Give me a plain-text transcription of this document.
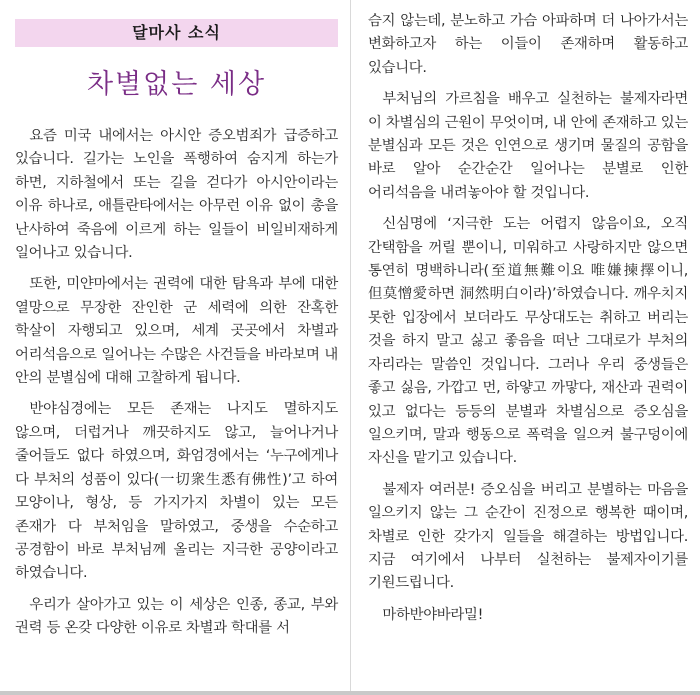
달마사 소식
차별없는 세상

요즘 미국 내에서는 아시안 증오범죄가 급증하고 있습니다. 길가는 노인을 폭행하여 숨지게 하는가 하면, 지하철에서 또는 길을 걷다가 아시안이라는 이유 하나로, 애틀란타에서는 아무런 이유 없이 총을 난사하여 죽음에 이르게 하는 일들이 비일비재하게 일어나고 있습니다.

또한, 미얀마에서는 권력에 대한 탐욕과 부에 대한 열망으로 무장한 잔인한 군 세력에 의한 잔혹한 학살이 자행되고 있으며, 세계 곳곳에서 차별과 어리석음으로 일어나는 수많은 사건들을 바라보며 내 안의 분별심에 대해 고찰하게 됩니다.

반야심경에는 모든 존재는 나지도 멸하지도 않으며, 더럽거나 깨끗하지도 않고, 늘어나거나 줄어들도 없다 하였으며, 화엄경에서는 ‘누구에게나 다 부처의 성품이 있다(一切衆生悉有佛性)’고 하여 모양이나, 형상, 등 가지가지 차별이 있는 모든 존재가 다 부처임을 말하였고, 중생을 수순하고 공경함이 바로 부처님께 올리는 지극한 공양이라고 하였습니다.

우리가 살아가고 있는 이 세상은 인종, 종교, 부와 권력 등 온갖 다양한 이유로 차별과 학대를 서

슴지 않는데, 분노하고 가슴 아파하며 더 나아가서는 변화하고자 하는 이들이 존재하며 활동하고 있습니다.

부처님의 가르침을 배우고 실천하는 불제자라면 이 차별심의 근원이 무엇이며, 내 안에 존재하고 있는 분별심과 모든 것은 인연으로 생기며 물질의 공함을 바로 알아 순간순간 일어나는 분별로 인한 어리석음을 내려놓아야 할 것입니다.

신심명에 ‘지극한 도는 어렵지 않음이요, 오직 간택함을 꺼릴 뿐이니, 미워하고 사랑하지만 않으면 통연히 명백하니라(至道無難이요 唯嫌揀擇이니, 但莫憎愛하면 洞然明白이라)’하였습니다. 깨우치지 못한 입장에서 보더라도 무상대도는 취하고 버리는 것을 하지 말고 싫고 좋음을 떠난 그대로가 부처의 자리라는 말씀인 것입니다. 그러나 우리 중생들은 좋고 싫음, 가깝고 먼, 하얗고 까맣다, 재산과 권력이 있고 없다는 등등의 분별과 차별심으로 증오심을 일으키며, 말과 행동으로 폭력을 일으켜 불구덩이에 자신을 맡기고 있습니다.

불제자 여러분! 증오심을 버리고 분별하는 마음을 일으키지 않는 그 순간이 진정으로 행복한 때이며, 차별로 인한 갖가지 일들을 해결하는 방법입니다. 지금 여기에서 나부터 실천하는 불제자이기를 기원드립니다.

마하반야바라밀!
